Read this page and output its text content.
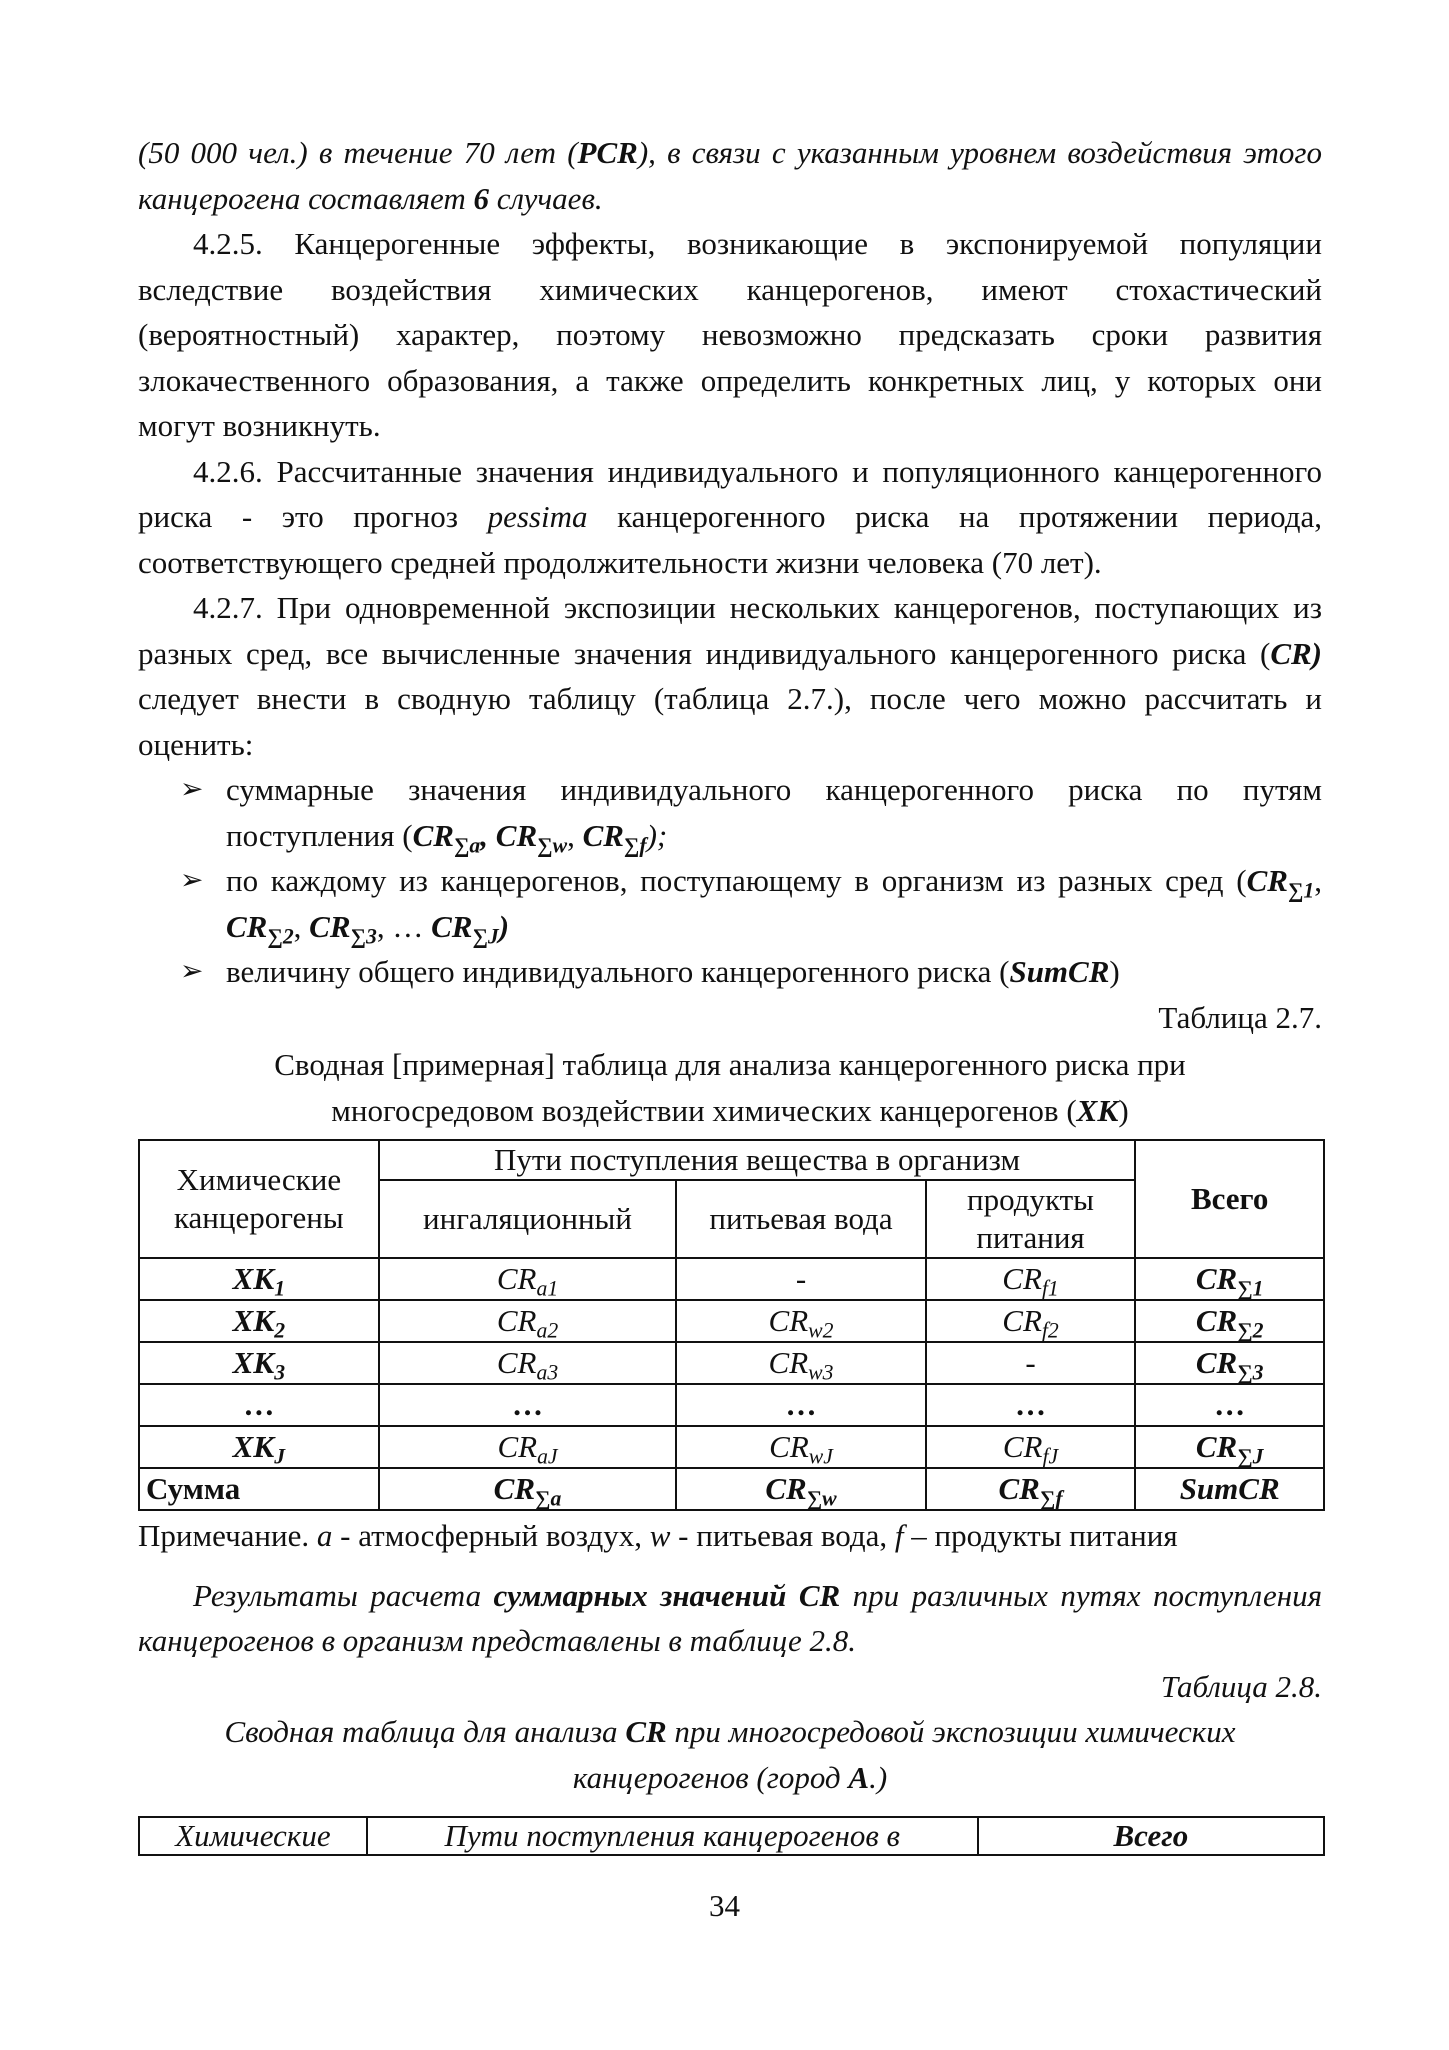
(50 000 чел.) в течение 70 лет (PCR), в связи с указанным уровнем воздействия этого канцерогена составляет 6 случаев.

4.2.5. Канцерогенные эффекты, возникающие в экспонируемой популяции вследствие воздействия химических канцерогенов, имеют стохастический (вероятностный) характер, поэтому невозможно предсказать сроки развития злокачественного образования, а также определить конкретных лиц, у которых они могут возникнуть.

4.2.6. Рассчитанные значения индивидуального и популяционного канцерогенного риска - это прогноз pessima канцерогенного риска на протяжении периода, соответствующего средней продолжительности жизни человека (70 лет).

4.2.7. При одновременной экспозиции нескольких канцерогенов, поступающих из разных сред, все вычисленные значения индивидуального канцерогенного риска (CR) следует внести в сводную таблицу (таблица 2.7.), после чего можно рассчитать и оценить:

➢ суммарные значения индивидуального канцерогенного риска по путям поступления ($CR_{\sum a}$, $CR_{\sum w}$, $CR_{\sum f}$);
➢ по каждому из канцерогенов, поступающему в организм из разных сред ($CR_{\sum 1}$, $CR_{\sum 2}$, $CR_{\sum 3}$, … $CR_{\sum J}$)
➢ величину общего индивидуального канцерогенного риска (SumCR)

Таблица 2.7.

Сводная [примерная] таблица для анализа канцерогенного риска при
многосредовом воздействии химических канцерогенов (ХК)

Химические канцерогены	Пути поступления вещества в организм			Всего
	ингаляционный	питьевая вода	продукты питания	
$ХК_1$	$CR_{a1}$	-	$CR_{f1}$	$CR_{\sum 1}$
$ХК_2$	$CR_{a2}$	$CR_{w2}$	$CR_{f2}$	$CR_{\sum 2}$
$ХК_3$	$CR_{a3}$	$CR_{w3}$	-	$CR_{\sum 3}$
…	…	…	…	…
$ХК_J$	$CR_{aJ}$	$CR_{wJ}$	$CR_{fJ}$	$CR_{\sum J}$
Сумма	$CR_{\sum a}$	$CR_{\sum w}$	$CR_{\sum f}$	SumCR

Примечание. а - атмосферный воздух, w - питьевая вода, f – продукты питания

Результаты расчета суммарных значений CR при различных путях поступления канцерогенов в организм представлены в таблице 2.8.

Таблица 2.8.

Сводная таблица для анализа CR при многосредовой экспозиции химических канцерогенов (город А.)

Химические	Пути поступления канцерогенов в	Всего
34
